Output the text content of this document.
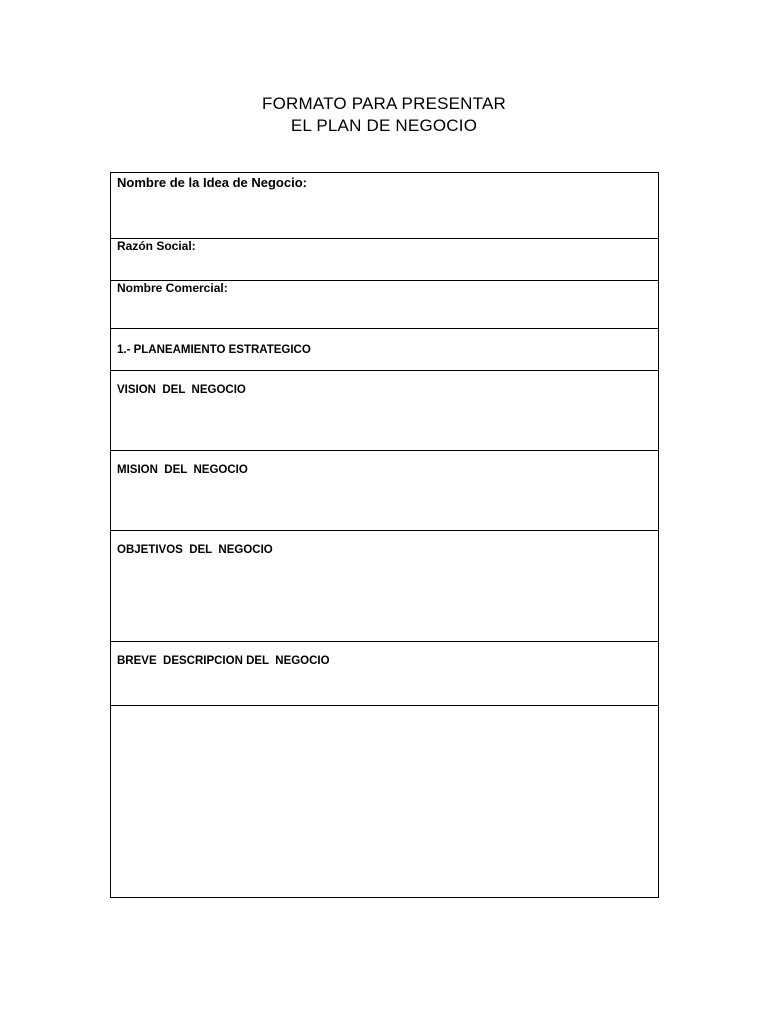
FORMATO PARA PRESENTAR
EL PLAN DE NEGOCIO
Nombre de la Idea de Negocio:
Razón Social:
Nombre Comercial:
1.- PLANEAMIENTO ESTRATEGICO
VISION  DEL  NEGOCIO
MISION  DEL  NEGOCIO
OBJETIVOS  DEL  NEGOCIO
BREVE  DESCRIPCION DEL  NEGOCIO
